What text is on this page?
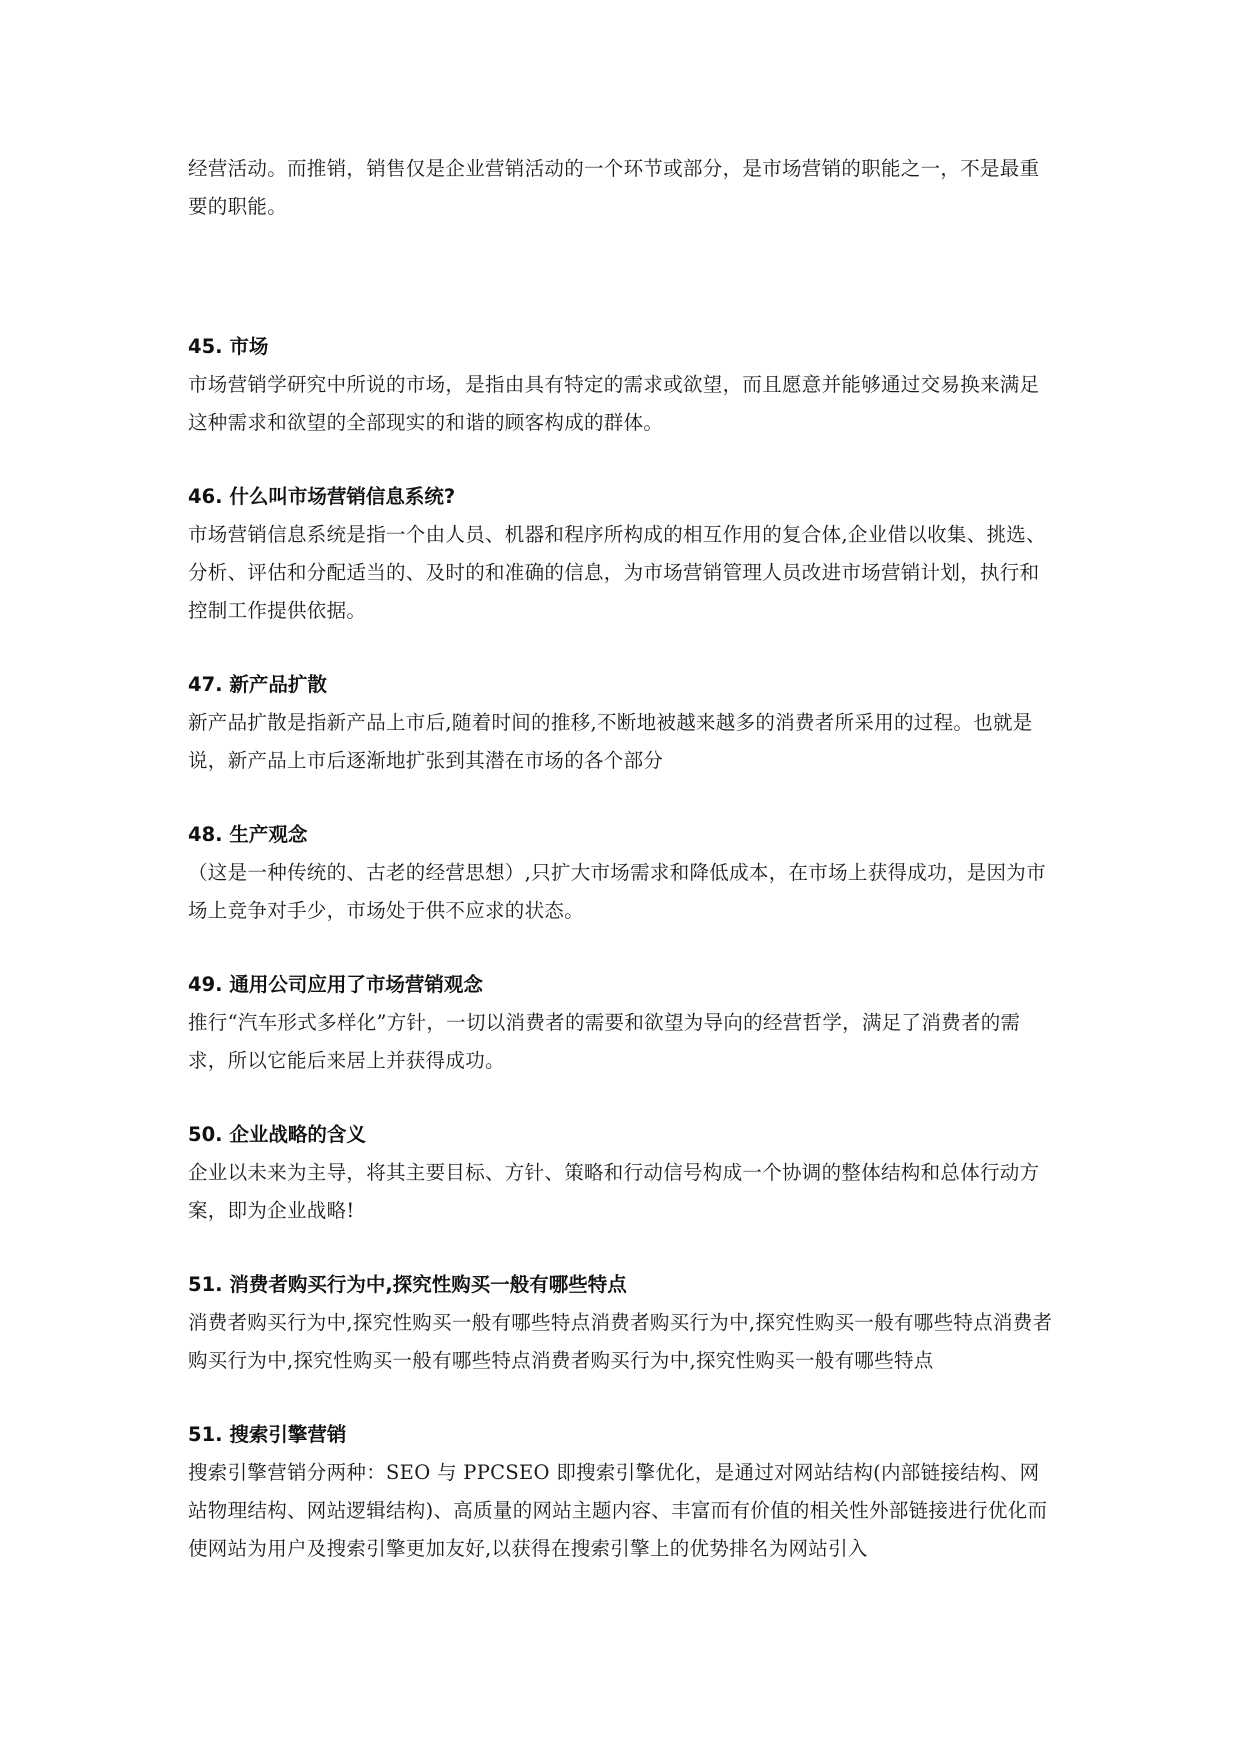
经营活动。而推销，销售仅是企业营销活动的一个环节或部分，是市场营销的职能之一，不是最重要的职能。

45. 市场

市场营销学研究中所说的市场，是指由具有特定的需求或欲望，而且愿意并能够通过交易换来满足这种需求和欲望的全部现实的和谐的顾客构成的群体。

46. 什么叫市场营销信息系统?

市场营销信息系统是指一个由人员、机器和程序所构成的相互作用的复合体,企业借以收集、挑选、分析、评估和分配适当的、及时的和准确的信息，为市场营销管理人员改进市场营销计划，执行和控制工作提供依据。

47. 新产品扩散

新产品扩散是指新产品上市后,随着时间的推移,不断地被越来越多的消费者所采用的过程。也就是说，新产品上市后逐渐地扩张到其潜在市场的各个部分

48. 生产观念

（这是一种传统的、古老的经营思想）,只扩大市场需求和降低成本，在市场上获得成功，是因为市场上竞争对手少，市场处于供不应求的状态。

49. 通用公司应用了市场营销观念

推行“汽车形式多样化”方针，一切以消费者的需要和欲望为导向的经营哲学，满足了消费者的需求，所以它能后来居上并获得成功。

50. 企业战略的含义

企业以未来为主导，将其主要目标、方针、策略和行动信号构成一个协调的整体结构和总体行动方案，即为企业战略!

51. 消费者购买行为中,探究性购买一般有哪些特点

消费者购买行为中,探究性购买一般有哪些特点消费者购买行为中,探究性购买一般有哪些特点消费者购买行为中,探究性购买一般有哪些特点消费者购买行为中,探究性购买一般有哪些特点

51. 搜索引擎营销

搜索引擎营销分两种：SEO 与 PPCSEO 即搜索引擎优化，是通过对网站结构(内部链接结构、网站物理结构、网站逻辑结构)、高质量的网站主题内容、丰富而有价值的相关性外部链接进行优化而使网站为用户及搜索引擎更加友好,以获得在搜索引擎上的优势排名为网站引入
